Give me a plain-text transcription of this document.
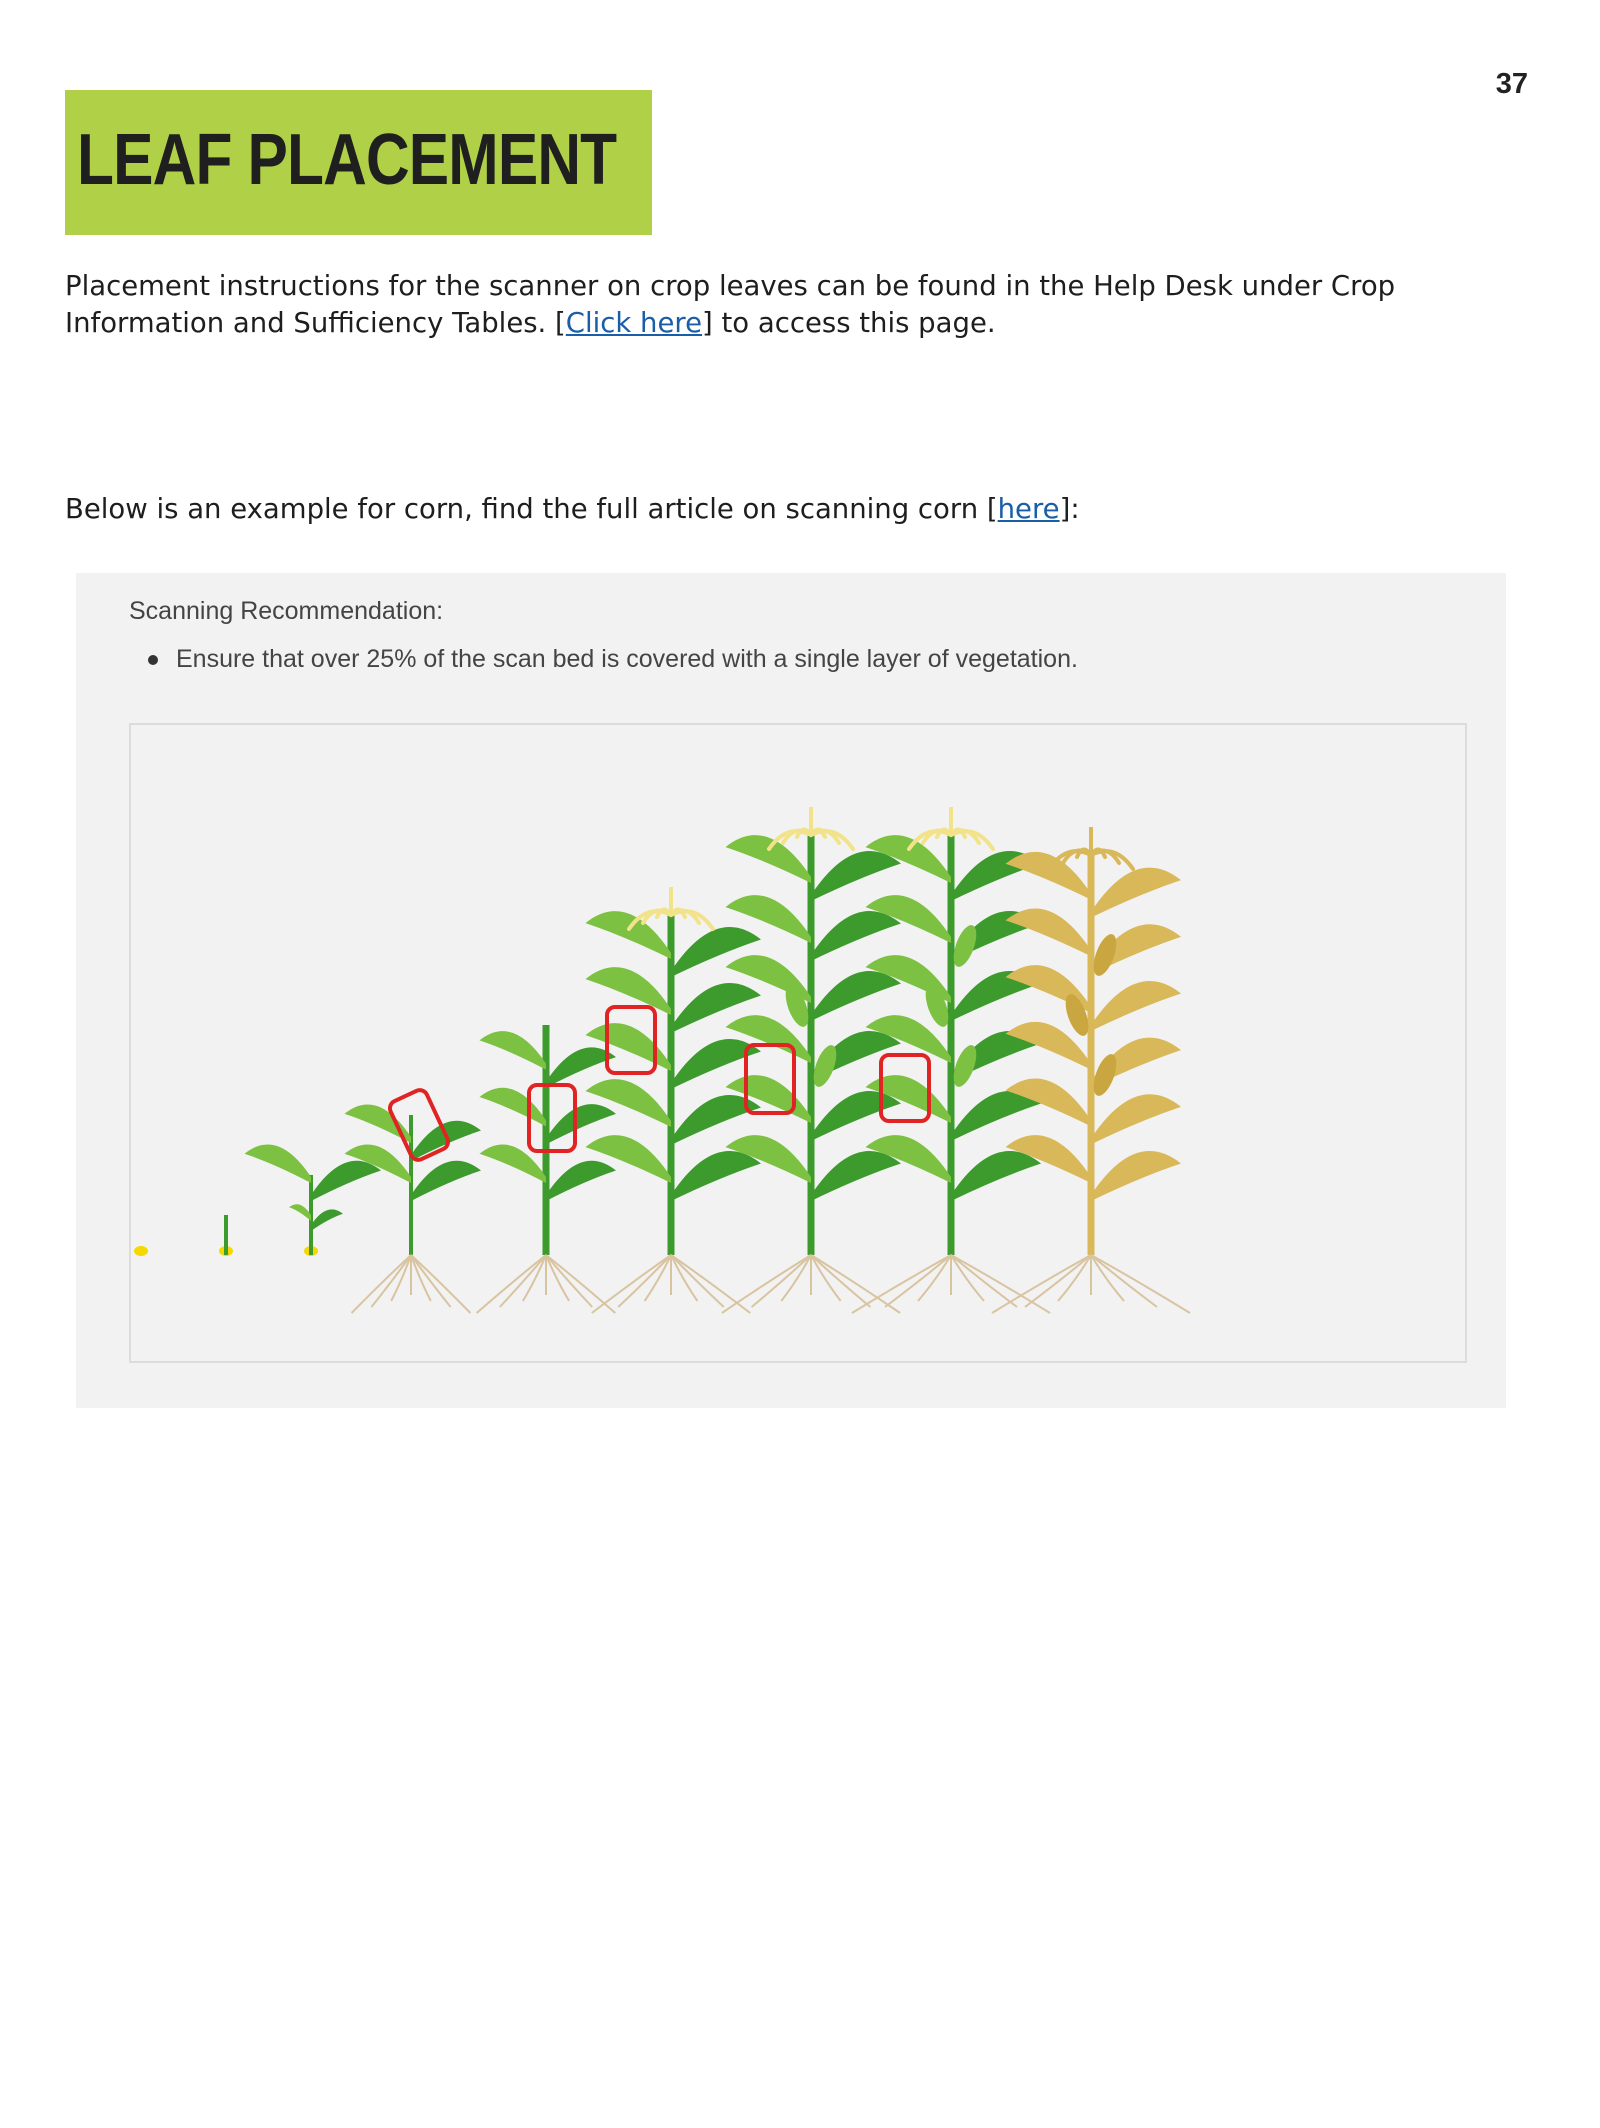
37
LEAF PLACEMENT

Placement instructions for the scanner on crop leaves can be found in the Help Desk under Crop Information and Sufficiency Tables. [Click here] to access this page.

Below is an example for corn, find the full article on scanning corn [here]:

Scanning Recommendation:
Ensure that over 25% of the scan bed is covered with a single layer of vegetation.
